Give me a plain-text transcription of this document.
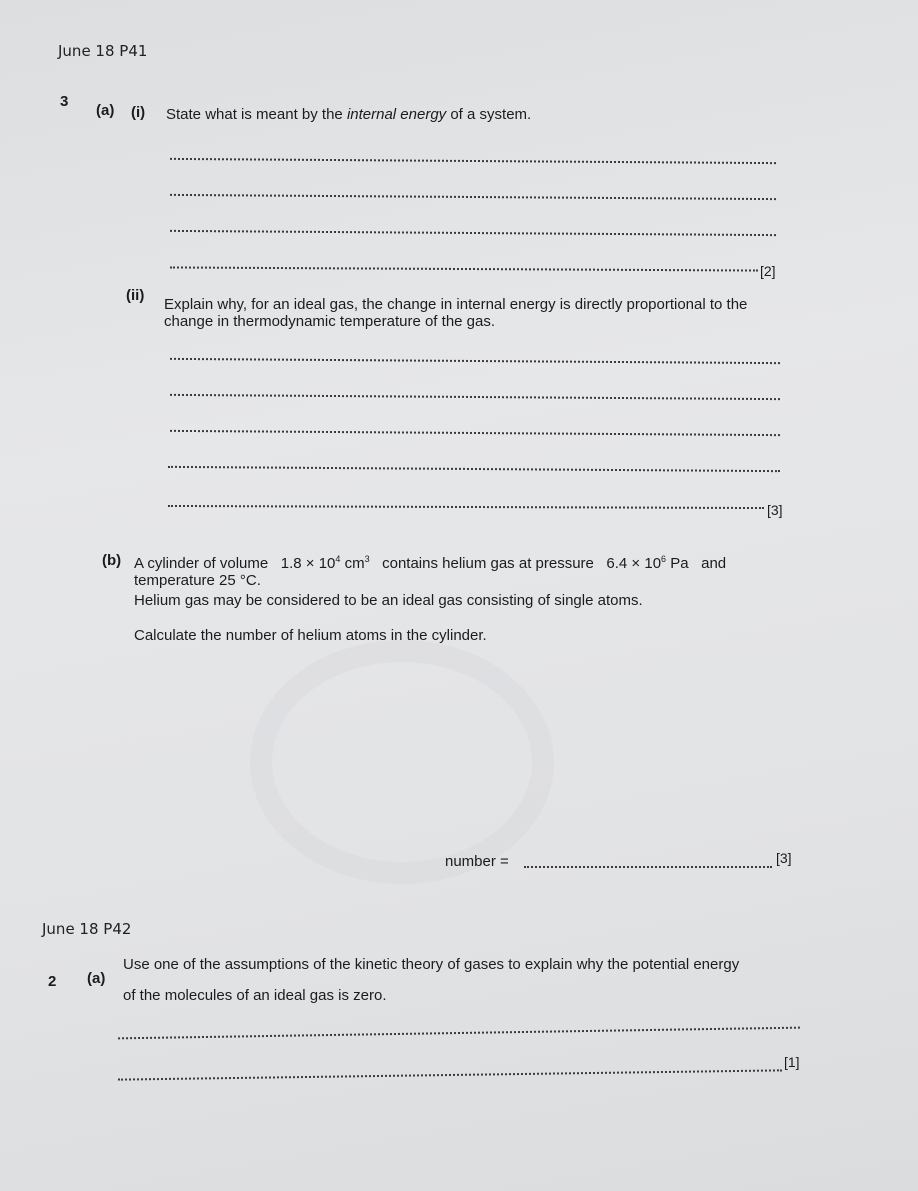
June 18 P41
3
(a) (i) State what is meant by the internal energy of a system.
[2]
(ii)
Explain why, for an ideal gas, the change in internal energy is directly proportional to the
change in thermodynamic temperature of the gas.
[3]
(b) A cylinder of volume $1.8 \times 10^4$ $cm^3$ contains helium gas at pressure $6.4 \times 10^6$ Pa and
temperature 25 °C.
Helium gas may be considered to be an ideal gas consisting of single atoms.
Calculate the number of helium atoms in the cylinder.
number =	[3]
June 18 P42
2 (a)
Use one of the assumptions of the kinetic theory of gases to explain why the potential energy
of the molecules of an ideal gas is zero.
[1]
